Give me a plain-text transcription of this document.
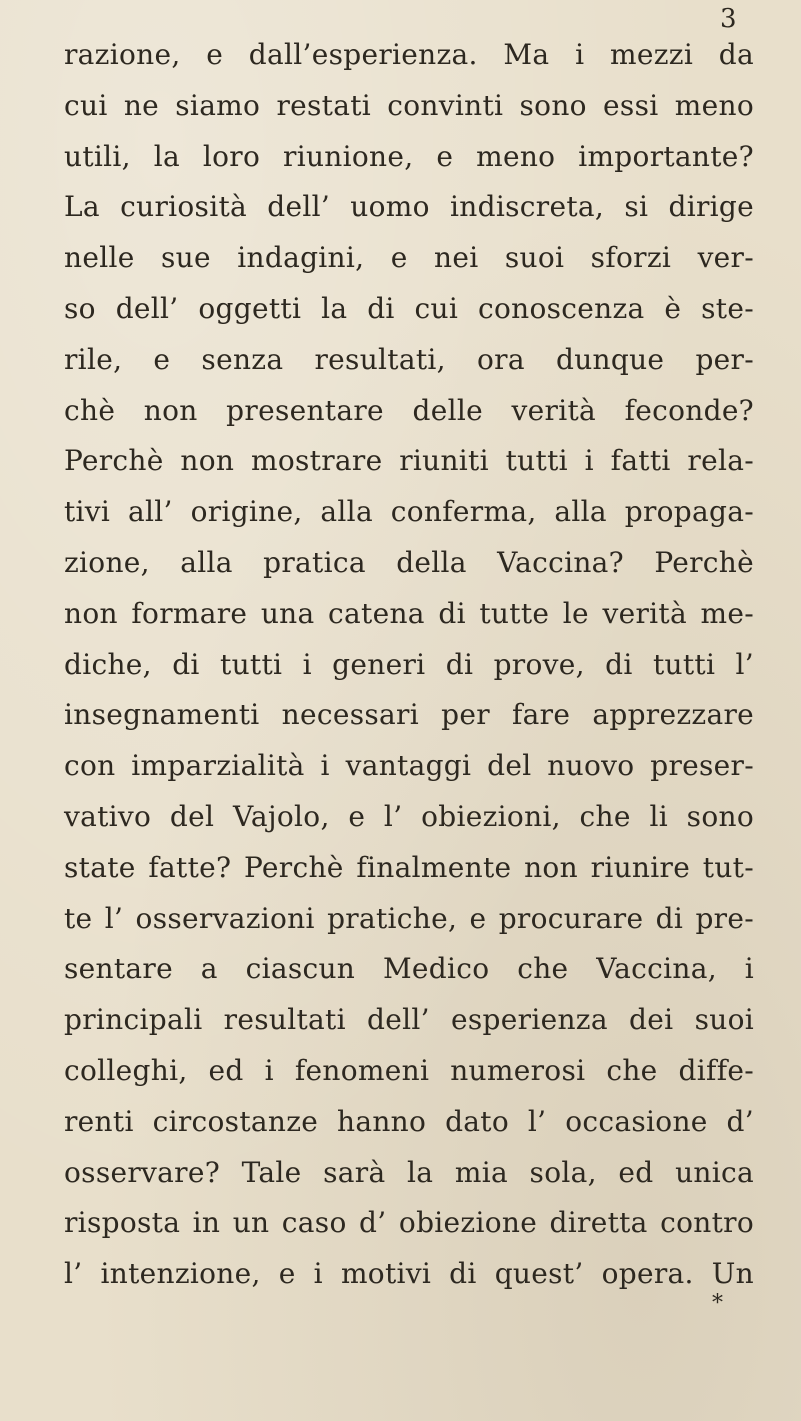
3
razione, e dall’esperienza. Ma i mezzi da
cui ne siamo restati convinti sono essi meno
utili, la loro riunione, e meno importante?
La curiosità dell’ uomo indiscreta, si dirige
nelle sue indagini, e nei suoi sforzi ver-
so dell’ oggetti la di cui conoscenza è ste-
rile, e senza resultati, ora dunque per-
chè non presentare delle verità feconde?
Perchè non mostrare riuniti tutti i fatti rela-
tivi all’ origine, alla conferma, alla propaga-
zione, alla pratica della Vaccina? Perchè
non formare una catena di tutte le verità me-
diche, di tutti i generi di prove, di tutti l’
insegnamenti necessari per fare apprezzare
con imparzialità i vantaggi del nuovo preser-
vativo del Vajolo, e l’ obiezioni, che li sono
state fatte? Perchè finalmente non riunire tut-
te l’ osservazioni pratiche, e procurare di pre-
sentare a ciascun Medico che Vaccina, i
principali resultati dell’ esperienza dei suoi
colleghi, ed i fenomeni numerosi che diffe-
renti circostanze hanno dato l’ occasione d’
osservare? Tale sarà la mia sola, ed unica
risposta in un caso d’ obiezione diretta contro
l’ intenzione, e i motivi di quest’ opera. Un
*
